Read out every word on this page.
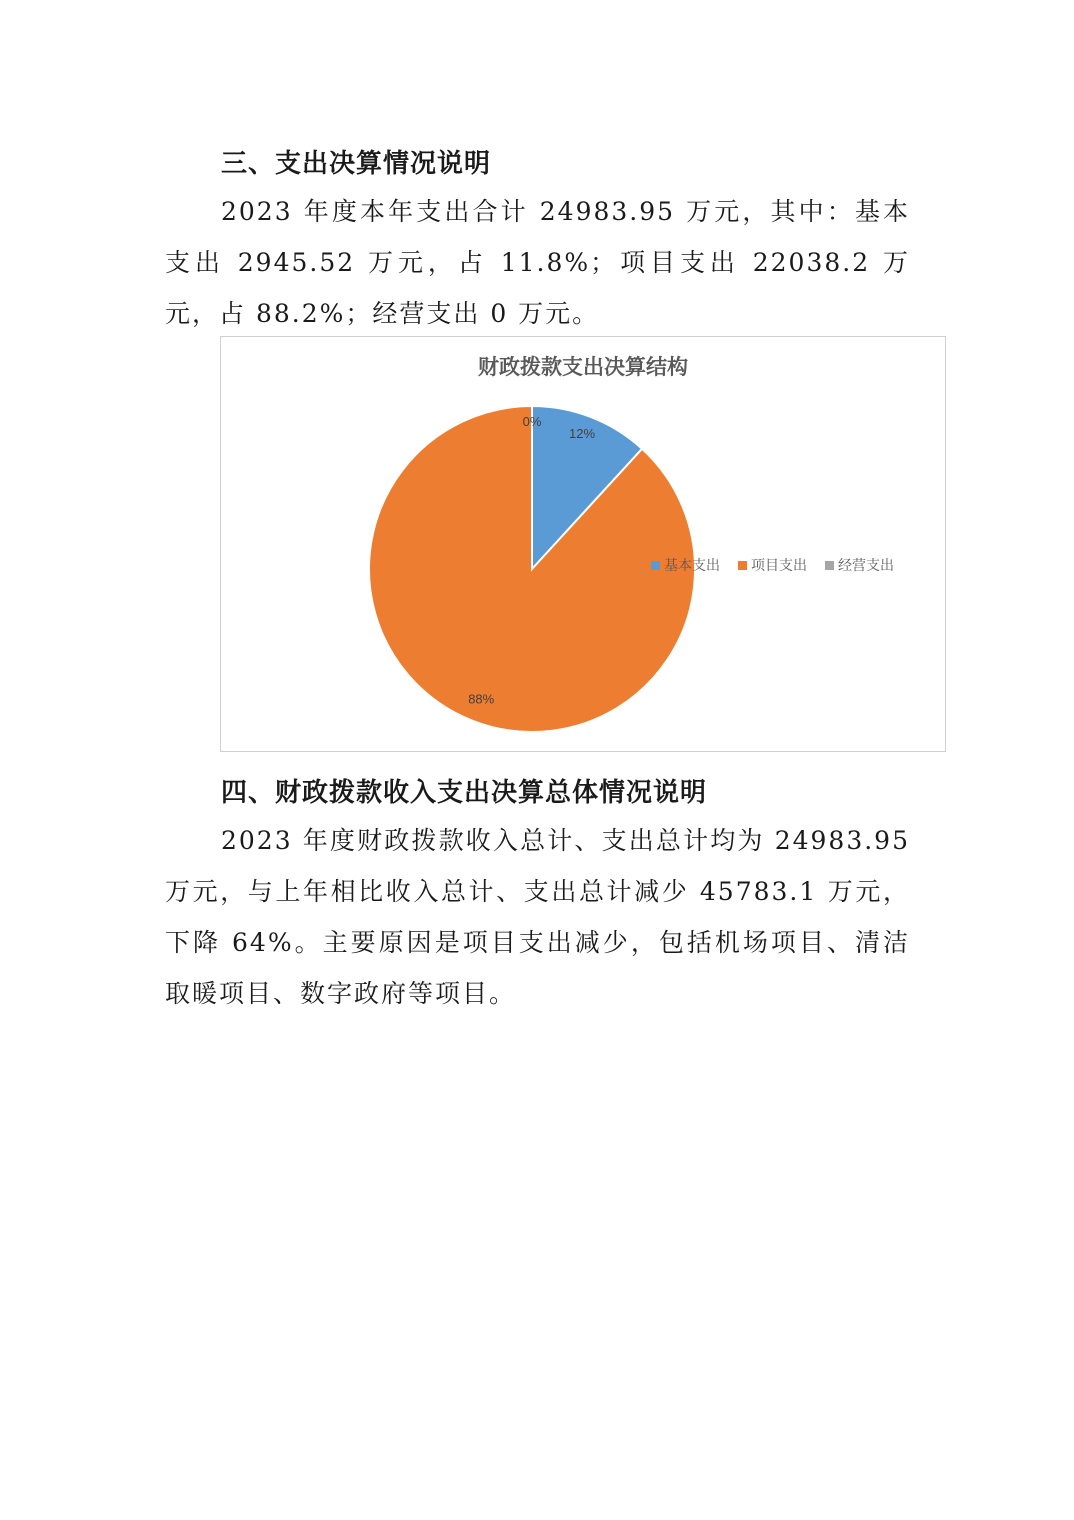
三、支出决算情况说明
2023 年度本年支出合计 24983.95 万元，其中：基本支出 2945.52 万元，占 11.8%；项目支出 22038.2 万元，占 88.2%；经营支出 0 万元。
财政拨款支出决算结构
12%
88%
0%
基本支出 项目支出 经营支出
四、财政拨款收入支出决算总体情况说明
2023 年度财政拨款收入总计、支出总计均为 24983.95 万元，与上年相比收入总计、支出总计减少 45783.1 万元，下降 64%。主要原因是项目支出减少，包括机场项目、清洁取暖项目、数字政府等项目。
